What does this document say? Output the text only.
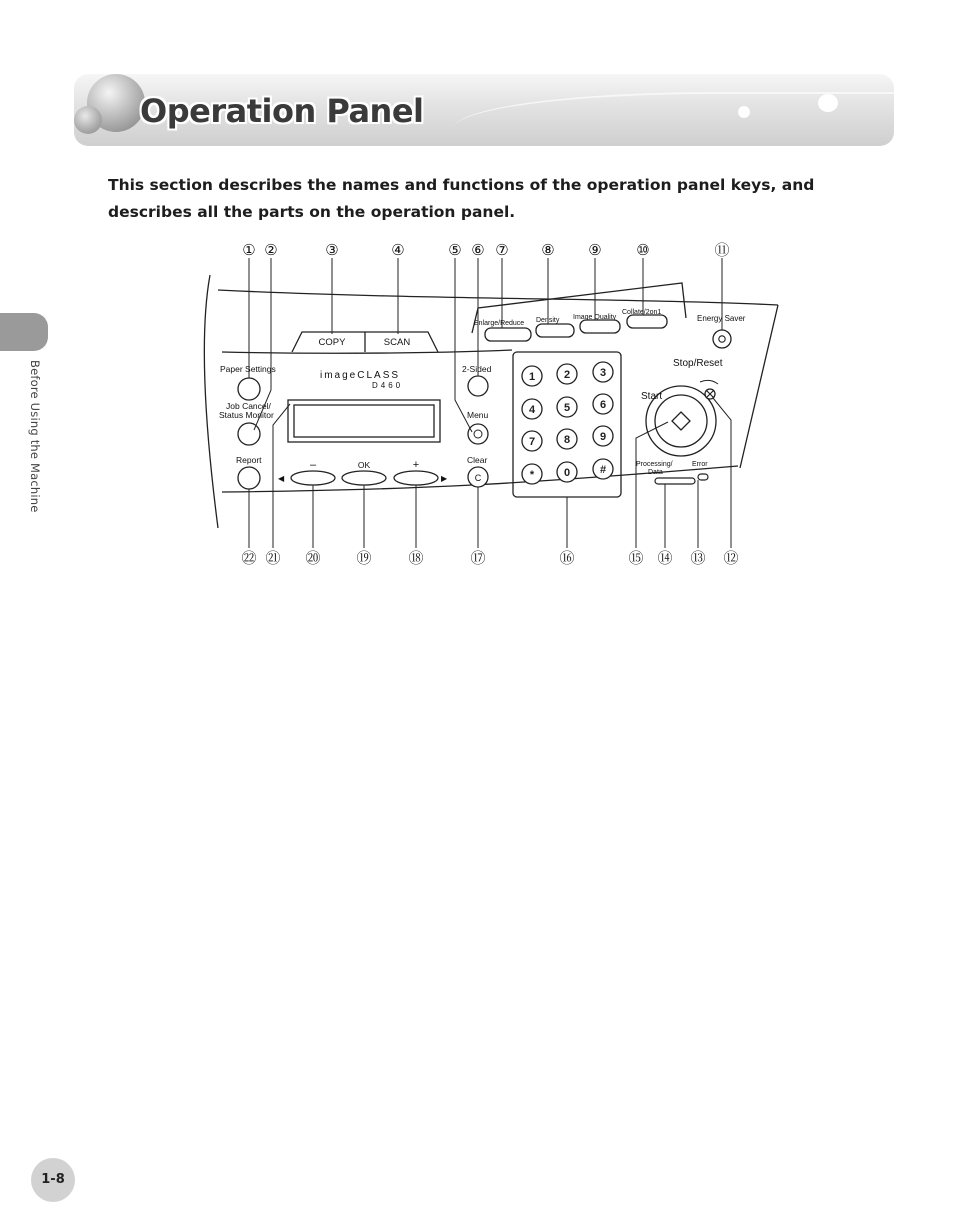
Operation Panel

This section describes the names and functions of the operation panel keys, and describes all the parts on the operation panel.

Before Using the Machine	1	2	3
4	5	6
7	8	9
*	0	#
COPY	SCAN
Enlarge/Reduce Density Image Quality
Collate/2on1
Energy Saver
Paper Settings
Job Cancel/
Status Monitor
Report
imageCLASS
D460
2-Sided
Menu
Clear
C
–	OK	+
◀	▶
Stop/Reset
Start
Processing/
Data
Error
① ②	③	④	⑤ ⑥ ⑦ ⑧ ⑨ ⑩	⑪
㉒ ㉑ ⑳ ⑲ ⑱	⑰	⑯	⑮ ⑭ ⑬ ⑫
1-8
